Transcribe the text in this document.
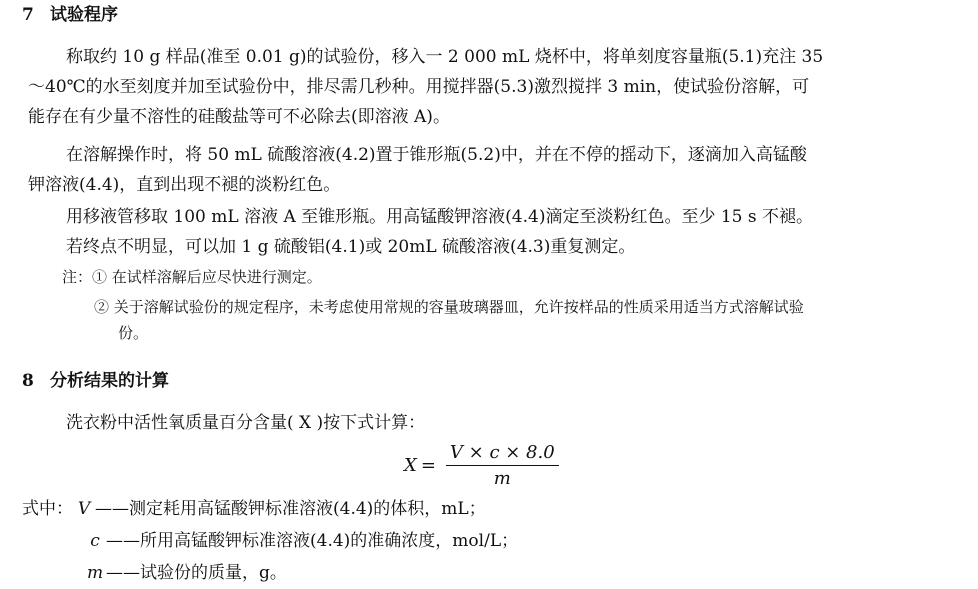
7 试验程序
称取约 10 g 样品(准至 0.01 g)的试验份，移入一 2 000 mL 烧杯中，将单刻度容量瓶(5.1)充注 35
～40℃的水至刻度并加至试验份中，排尽需几秒种。用搅拌器(5.3)激烈搅拌 3 min，使试验份溶解，可
能存在有少量不溶性的硅酸盐等可不必除去(即溶液 A)。
在溶解操作时，将 50 mL 硫酸溶液(4.2)置于锥形瓶(5.2)中，并在不停的摇动下，逐滴加入高锰酸
钾溶液(4.4)，直到出现不褪的淡粉红色。
用移液管移取 100 mL 溶液 A 至锥形瓶。用高锰酸钾溶液(4.4)滴定至淡粉红色。至少 15 s 不褪。
若终点不明显，可以加 1 g 硫酸铝(4.1)或 20mL 硫酸溶液(4.3)重复测定。
注：① 在试样溶解后应尽快进行测定。
② 关于溶解试验份的规定程序，未考虑使用常规的容量玻璃器皿，允许按样品的性质采用适当方式溶解试验
份。
8 分析结果的计算
洗衣粉中活性氧质量百分含量( X )按下式计算：
$X = \frac{V \times c \times 8.0}{m}$
式中： V ——测定耗用高锰酸钾标准溶液(4.4)的体积，mL；
c ——所用高锰酸钾标准溶液(4.4)的准确浓度，mol/L；
m ——试验份的质量，g。
